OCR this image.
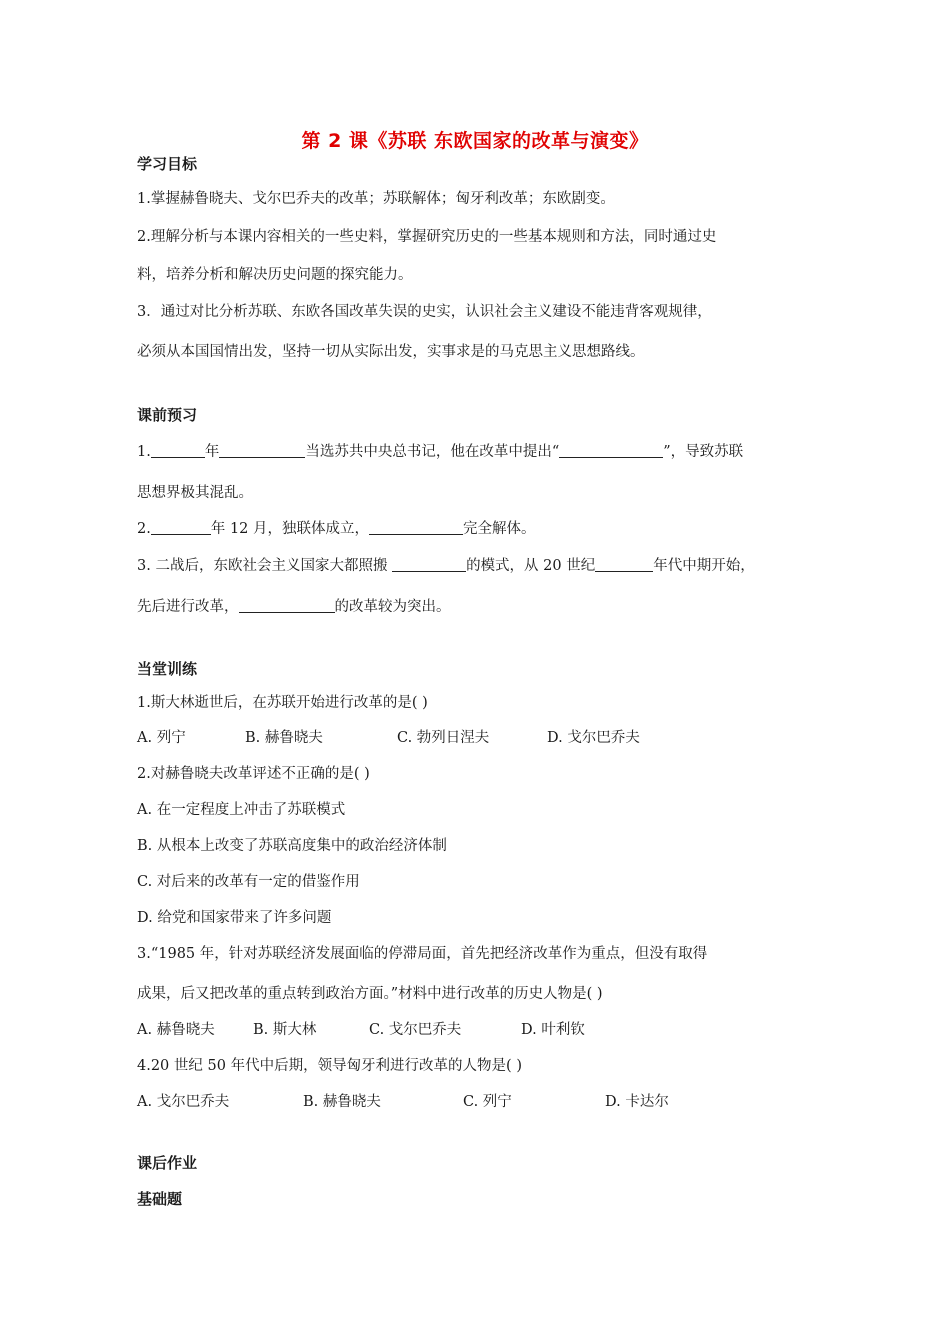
第 2 课《苏联 东欧国家的改革与演变》
学习目标
1.掌握赫鲁晓夫、戈尔巴乔夫的改革；苏联解体；匈牙利改革；东欧剧变。
2.理解分析与本课内容相关的一些史料，掌握研究历史的一些基本规则和方法，同时通过史
料，培养分析和解决历史问题的探究能力。
3．通过对比分析苏联、东欧各国改革失误的史实，认识社会主义建设不能违背客观规律，
必须从本国国情出发，坚持一切从实际出发，实事求是的马克思主义思想路线。
课前预习
1.	年	当选苏共中央总书记，他在改革中提出“	”，导致苏联
思想界极其混乱。
2.	年 12 月，独联体成立，	完全解体。
3. 二战后，东欧社会主义国家大都照搬	的模式，从 20 世纪	年代中期开始，
先后进行改革，	的改革较为突出。
当堂训练
1.斯大林逝世后，在苏联开始进行改革的是( )
A. 列宁	B. 赫鲁晓夫	C. 勃列日涅夫	D. 戈尔巴乔夫
2.对赫鲁晓夫改革评述不正确的是( )
A. 在一定程度上冲击了苏联模式
B. 从根本上改变了苏联高度集中的政治经济体制
C. 对后来的改革有一定的借鉴作用
D. 给党和国家带来了许多问题
3.“1985 年，针对苏联经济发展面临的停滞局面，首先把经济改革作为重点，但没有取得
成果，后又把改革的重点转到政治方面。”材料中进行改革的历史人物是( )
A. 赫鲁晓夫	B. 斯大林	C. 戈尔巴乔夫	D. 叶利钦
4.20 世纪 50 年代中后期，领导匈牙利进行改革的人物是( )
A. 戈尔巴乔夫	B. 赫鲁晓夫	C. 列宁	D. 卡达尔
课后作业
基础题
